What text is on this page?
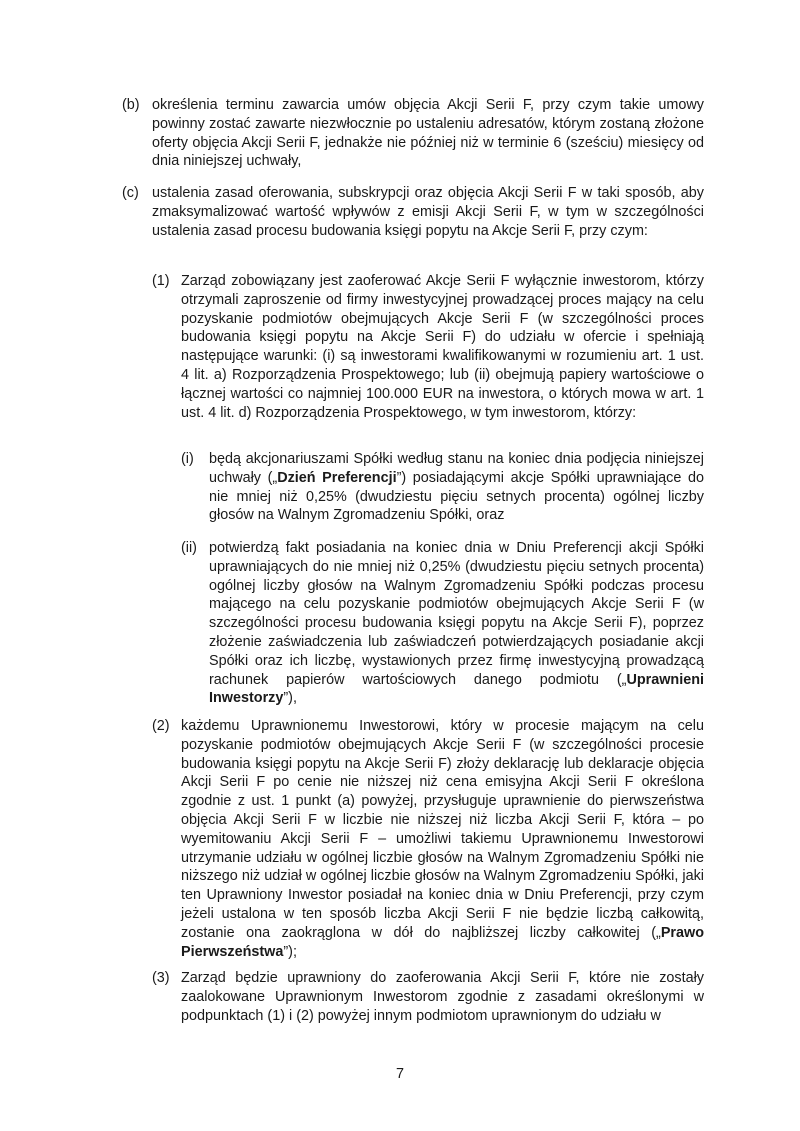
(b) określenia terminu zawarcia umów objęcia Akcji Serii F, przy czym takie umowy powinny zostać zawarte niezwłocznie po ustaleniu adresatów, którym zostaną złożone oferty objęcia Akcji Serii F, jednakże nie później niż w terminie 6 (sześciu) miesięcy od dnia niniejszej uchwały,
(c) ustalenia zasad oferowania, subskrypcji oraz objęcia Akcji Serii F w taki sposób, aby zmaksymalizować wartość wpływów z emisji Akcji Serii F, w tym w szczególności ustalenia zasad procesu budowania księgi popytu na Akcje Serii F, przy czym:
(1) Zarząd zobowiązany jest zaoferować Akcje Serii F wyłącznie inwestorom, którzy otrzymali zaproszenie od firmy inwestycyjnej prowadzącej proces mający na celu pozyskanie podmiotów obejmujących Akcje Serii F (w szczególności proces budowania księgi popytu na Akcje Serii F) do udziału w ofercie i spełniają następujące warunki: (i) są inwestorami kwalifikowanymi w rozumieniu art. 1 ust. 4 lit. a) Rozporządzenia Prospektowego; lub (ii) obejmują papiery wartościowe o łącznej wartości co najmniej 100.000 EUR na inwestora, o których mowa w art. 1 ust. 4 lit. d) Rozporządzenia Prospektowego, w tym inwestorom, którzy:
(i) będą akcjonariuszami Spółki według stanu na koniec dnia podjęcia niniejszej uchwały („Dzień Preferencji”) posiadającymi akcje Spółki uprawniające do nie mniej niż 0,25% (dwudziestu pięciu setnych procenta) ogólnej liczby głosów na Walnym Zgromadzeniu Spółki, oraz
(ii) potwierdzą fakt posiadania na koniec dnia w Dniu Preferencji akcji Spółki uprawniających do nie mniej niż 0,25% (dwudziestu pięciu setnych procenta) ogólnej liczby głosów na Walnym Zgromadzeniu Spółki podczas procesu mającego na celu pozyskanie podmiotów obejmujących Akcje Serii F (w szczególności procesu budowania księgi popytu na Akcje Serii F), poprzez złożenie zaświadczenia lub zaświadczeń potwierdzających posiadanie akcji Spółki oraz ich liczbę, wystawionych przez firmę inwestycyjną prowadzącą rachunek papierów wartościowych danego podmiotu („Uprawnieni Inwestorzy”),
(2) każdemu Uprawnionemu Inwestorowi, który w procesie mającym na celu pozyskanie podmiotów obejmujących Akcje Serii F (w szczególności procesie budowania księgi popytu na Akcje Serii F) złoży deklarację lub deklaracje objęcia Akcji Serii F po cenie nie niższej niż cena emisyjna Akcji Serii F określona zgodnie z ust. 1 punkt (a) powyżej, przysługuje uprawnienie do pierwszeństwa objęcia Akcji Serii F w liczbie nie niższej niż liczba Akcji Serii F, która – po wyemitowaniu Akcji Serii F – umożliwi takiemu Uprawnionemu Inwestorowi utrzymanie udziału w ogólnej liczbie głosów na Walnym Zgromadzeniu Spółki nie niższego niż udział w ogólnej liczbie głosów na Walnym Zgromadzeniu Spółki, jaki ten Uprawniony Inwestor posiadał na koniec dnia w Dniu Preferencji, przy czym jeżeli ustalona w ten sposób liczba Akcji Serii F nie będzie liczbą całkowitą, zostanie ona zaokrąglona w dół do najbliższej liczby całkowitej („Prawo Pierwszeństwa”);
(3) Zarząd będzie uprawniony do zaoferowania Akcji Serii F, które nie zostały zaalokowane Uprawnionym Inwestorom zgodnie z zasadami określonymi w podpunktach (1) i (2) powyżej innym podmiotom uprawnionym do udziału w
7
